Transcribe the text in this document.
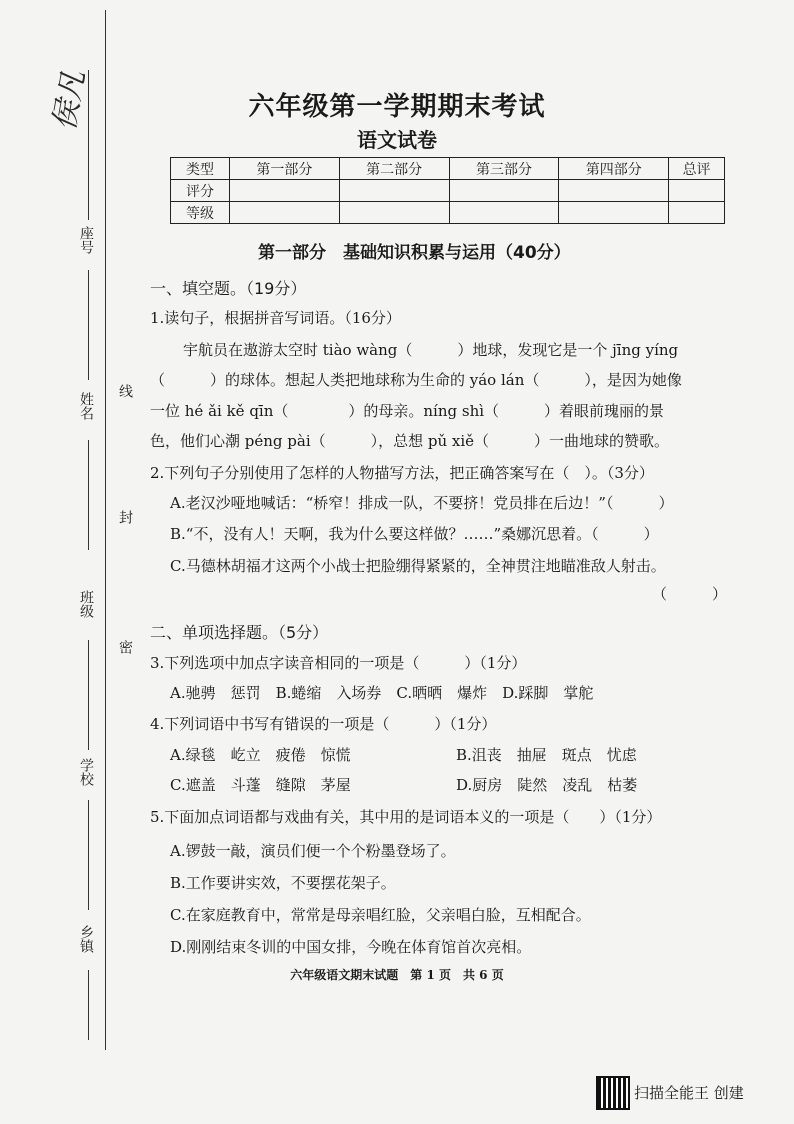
侯凡
座号
姓名
班级
学校
乡镇
线
封
密
六年级第一学期期末考试
语文试卷
类型	第一部分	第二部分	第三部分	第四部分	总评
评分					
等级					
第一部分　基础知识积累与运用（40分）
一、填空题。（19分）
1.读句子，根据拼音写词语。（16分）
宇航员在遨游太空时 tiào wàng（　　　）地球，发现它是一个 jīng yíng
（　　　）的球体。想起人类把地球称为生命的 yáo lán（　　　），是因为她像
一位 hé ǎi kě qīn（　　　　）的母亲。níng shì（　　　）着眼前瑰丽的景
色，他们心潮 péng pài（　　　），总想 pǔ xiě（　　　）一曲地球的赞歌。
2.下列句子分别使用了怎样的人物描写方法，把正确答案写在（　）。（3分）
A.老汉沙哑地喊话：“桥窄！排成一队，不要挤！党员排在后边！”（　　　）
B.“不，没有人！天啊，我为什么要这样做？……”桑娜沉思着。（　　　）
C.马德林胡福才这两个小战士把脸绷得紧紧的，全神贯注地瞄准敌人射击。
（　　　）
二、单项选择题。（5分）
3.下列选项中加点字读音相同的一项是（　　　）（1分）
A.驰骋　惩罚　B.蜷缩　入场券　C.晒晒　爆炸　D.踩脚　掌舵
4.下列词语中书写有错误的一项是（　　　）（1分）
A.绿毯　屹立　疲倦　惊慌	B.沮丧　抽屉　斑点　忧虑
C.遮盖　斗蓬　缝隙　茅屋	D.厨房　陡然　凌乱　枯萎
5.下面加点词语都与戏曲有关，其中用的是词语本义的一项是（　　）（1分）
A.锣鼓一敲，演员们便一个个粉墨登场了。
B.工作要讲实效，不要摆花架子。
C.在家庭教育中，常常是母亲唱红脸，父亲唱白脸，互相配合。
D.刚刚结束冬训的中国女排，今晚在体育馆首次亮相。
六年级语文期末试题　第 1 页　共 6 页
扫描全能王 创建
